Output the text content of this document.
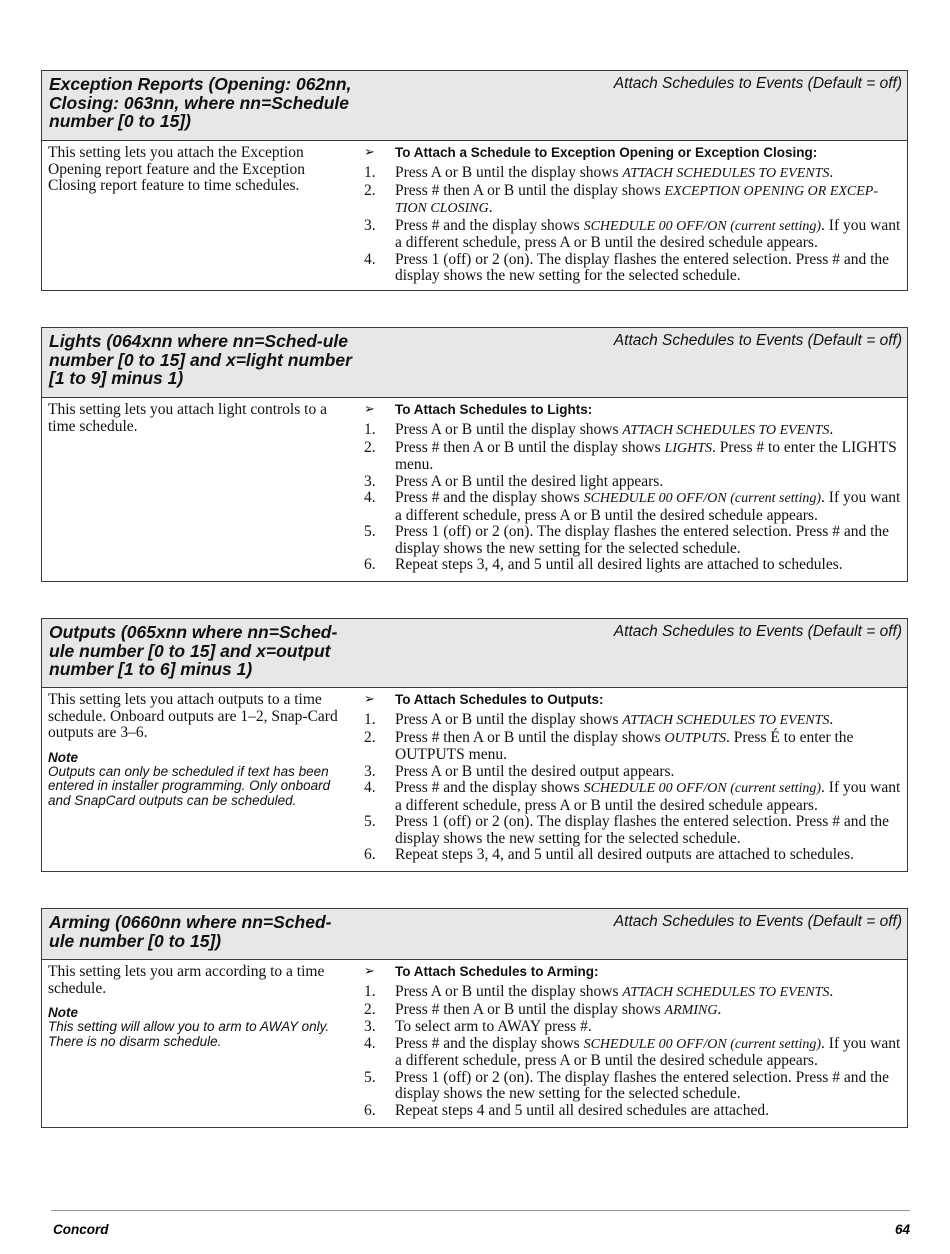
Exception Reports (Opening: 062nn, Closing: 063nn, where nn=Schedule number [0 to 15])
Attach Schedules to Events (Default = off)
This setting lets you attach the Exception Opening report feature and the Exception Closing report feature to time schedules.
➢ To Attach a Schedule to Exception Opening or Exception Closing:
1. Press A or B until the display shows ATTACH SCHEDULES TO EVENTS.
2. Press # then A or B until the display shows EXCEPTION OPENING OR EXCEP-TION CLOSING.
3. Press # and the display shows SCHEDULE 00 OFF/ON (current setting). If you want a different schedule, press A or B until the desired schedule appears.
4. Press 1 (off) or 2 (on). The display flashes the entered selection. Press # and the display shows the new setting for the selected schedule.
Lights (064xnn where nn=Sched-ule number [0 to 15] and x=light number [1 to 9] minus 1)
Attach Schedules to Events (Default = off)
This setting lets you attach light controls to a time schedule.
➢ To Attach Schedules to Lights:
1. Press A or B until the display shows ATTACH SCHEDULES TO EVENTS.
2. Press # then A or B until the display shows LIGHTS. Press # to enter the LIGHTS menu.
3. Press A or B until the desired light appears.
4. Press # and the display shows SCHEDULE 00 OFF/ON (current setting). If you want a different schedule, press A or B until the desired schedule appears.
5. Press 1 (off) or 2 (on). The display flashes the entered selection. Press # and the display shows the new setting for the selected schedule.
6. Repeat steps 3, 4, and 5 until all desired lights are attached to schedules.
Outputs (065xnn where nn=Sched-ule number [0 to 15] and x=output number [1 to 6] minus 1)
Attach Schedules to Events (Default = off)
This setting lets you attach outputs to a time schedule. Onboard outputs are 1–2, Snap-Card outputs are 3–6.
Note
Outputs can only be scheduled if text has been entered in installer programming. Only onboard and SnapCard outputs can be scheduled.
➢ To Attach Schedules to Outputs:
1. Press A or B until the display shows ATTACH SCHEDULES TO EVENTS.
2. Press # then A or B until the display shows OUTPUTS. Press É to enter the OUTPUTS menu.
3. Press A or B until the desired output appears.
4. Press # and the display shows SCHEDULE 00 OFF/ON (current setting). If you want a different schedule, press A or B until the desired schedule appears.
5. Press 1 (off) or 2 (on). The display flashes the entered selection. Press # and the display shows the new setting for the selected schedule.
6. Repeat steps 3, 4, and 5 until all desired outputs are attached to schedules.
Arming (0660nn where nn=Sched-ule number [0 to 15])
Attach Schedules to Events (Default = off)
This setting lets you arm according to a time schedule.
Note
This setting will allow you to arm to AWAY only. There is no disarm schedule.
➢ To Attach Schedules to Arming:
1. Press A or B until the display shows ATTACH SCHEDULES TO EVENTS.
2. Press # then A or B until the display shows ARMING.
3. To select arm to AWAY press #.
4. Press # and the display shows SCHEDULE 00 OFF/ON (current setting). If you want a different schedule, press A or B until the desired schedule appears.
5. Press 1 (off) or 2 (on). The display flashes the entered selection. Press # and the display shows the new setting for the selected schedule.
6. Repeat steps 4 and 5 until all desired schedules are attached.
Concord	64
